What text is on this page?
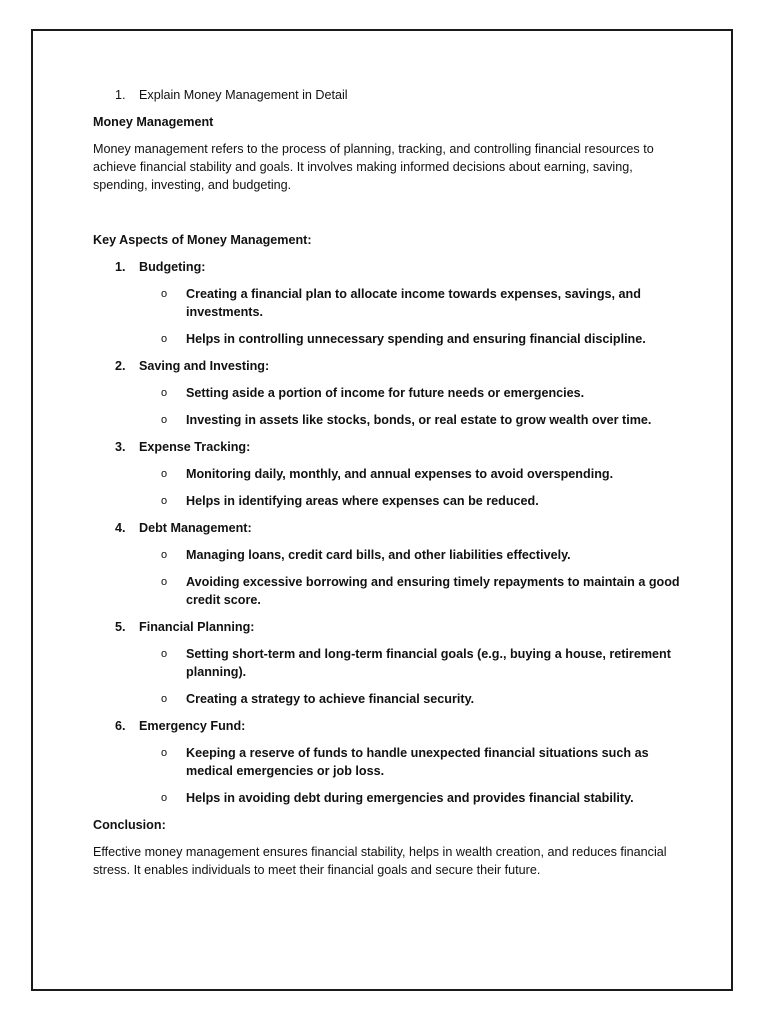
1.	Explain Money Management in Detail
Money Management
Money management refers to the process of planning, tracking, and controlling financial resources to achieve financial stability and goals. It involves making informed decisions about earning, saving, spending, investing, and budgeting.
Key Aspects of Money Management:
1.	Budgeting:
o Creating a financial plan to allocate income towards expenses, savings, and investments.
o Helps in controlling unnecessary spending and ensuring financial discipline.
2.	Saving and Investing:
o Setting aside a portion of income for future needs or emergencies.
o Investing in assets like stocks, bonds, or real estate to grow wealth over time.
3.	Expense Tracking:
o Monitoring daily, monthly, and annual expenses to avoid overspending.
o Helps in identifying areas where expenses can be reduced.
4.	Debt Management:
o Managing loans, credit card bills, and other liabilities effectively.
o Avoiding excessive borrowing and ensuring timely repayments to maintain a good credit score.
5.	Financial Planning:
o Setting short-term and long-term financial goals (e.g., buying a house, retirement planning).
o Creating a strategy to achieve financial security.
6.	Emergency Fund:
o Keeping a reserve of funds to handle unexpected financial situations such as medical emergencies or job loss.
o Helps in avoiding debt during emergencies and provides financial stability.
Conclusion:
Effective money management ensures financial stability, helps in wealth creation, and reduces financial stress. It enables individuals to meet their financial goals and secure their future.
